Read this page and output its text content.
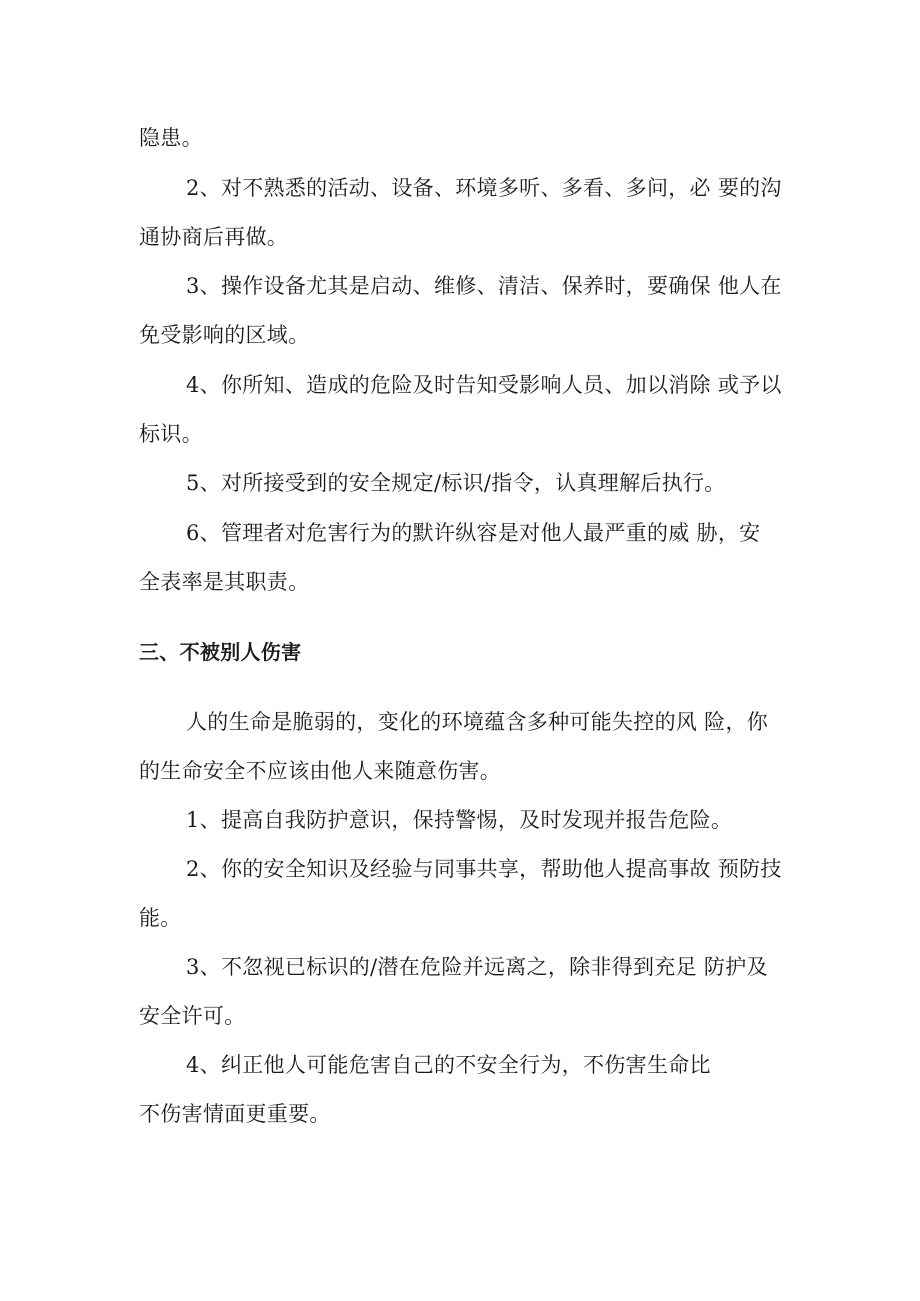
隐患。
2、对不熟悉的活动、设备、环境多听、多看、多问，必 要的沟
通协商后再做。
3、操作设备尤其是启动、维修、清洁、保养时，要确保 他人在
免受影响的区域。
4、你所知、造成的危险及时告知受影响人员、加以消除 或予以
标识。
5、对所接受到的安全规定/标识/指令，认真理解后执行。
6、管理者对危害行为的默许纵容是对他人最严重的威 胁，安
全表率是其职责。
三、不被别人伤害
人的生命是脆弱的，变化的环境蕴含多种可能失控的风 险，你
的生命安全不应该由他人来随意伤害。
1、提高自我防护意识，保持警惕，及时发现并报告危险。
2、你的安全知识及经验与同事共享，帮助他人提高事故 预防技
能。
3、不忽视已标识的/潜在危险并远离之，除非得到充足 防护及
安全许可。
4、纠正他人可能危害自己的不安全行为，不伤害生命比
不伤害情面更重要。
